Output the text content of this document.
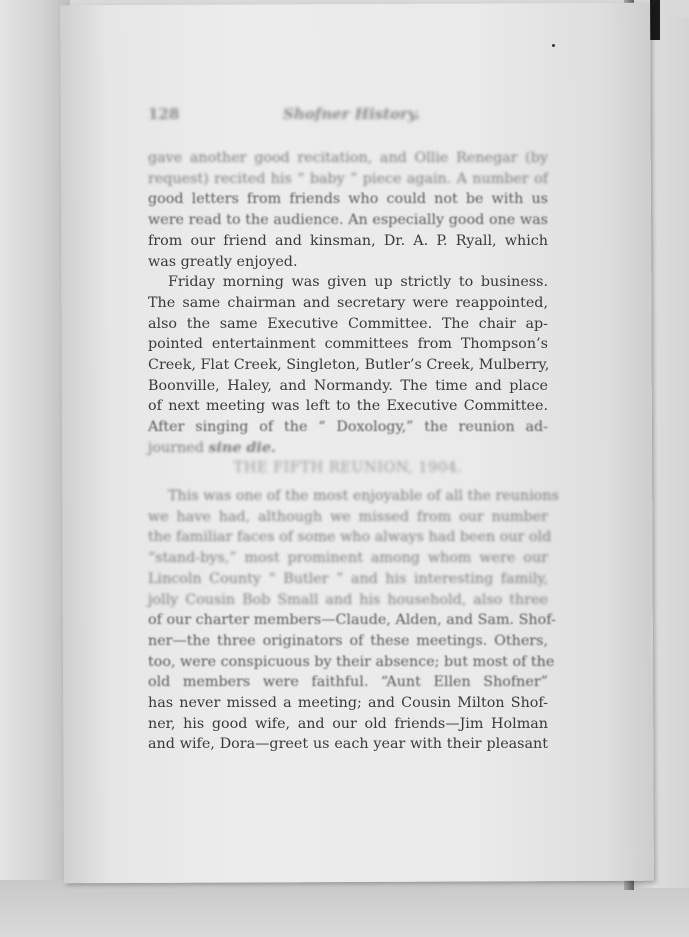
128	Shofner History.
gave another good recitation, and Ollie Renegar (by
request) recited his “ baby ” piece again. A number of
good letters from friends who could not be with us
were read to the audience. An especially good one was
from our friend and kinsman, Dr. A. P. Ryall, which
was greatly enjoyed.
Friday morning was given up strictly to business.
The same chairman and secretary were reappointed,
also the same Executive Committee. The chair ap-
pointed entertainment committees from Thompson’s
Creek, Flat Creek, Singleton, Butler’s Creek, Mulberry,
Boonville, Haley, and Normandy. The time and place
of next meeting was left to the Executive Committee.
After singing of the “ Doxology,” the reunion ad-
journed sine die.
THE FIFTH REUNION, 1904.
This was one of the most enjoyable of all the reunions
we have had, although we missed from our number
the familiar faces of some who always had been our old
“stand-bys,” most prominent among whom were our
Lincoln County “ Butler ” and his interesting family,
jolly Cousin Bob Small and his household, also three
of our charter members—Claude, Alden, and Sam. Shof-
ner—the three originators of these meetings. Others,
too, were conspicuous by their absence; but most of the
old members were faithful. “Aunt Ellen Shofner”
has never missed a meeting; and Cousin Milton Shof-
ner, his good wife, and our old friends—Jim Holman
and wife, Dora—greet us each year with their pleasant
